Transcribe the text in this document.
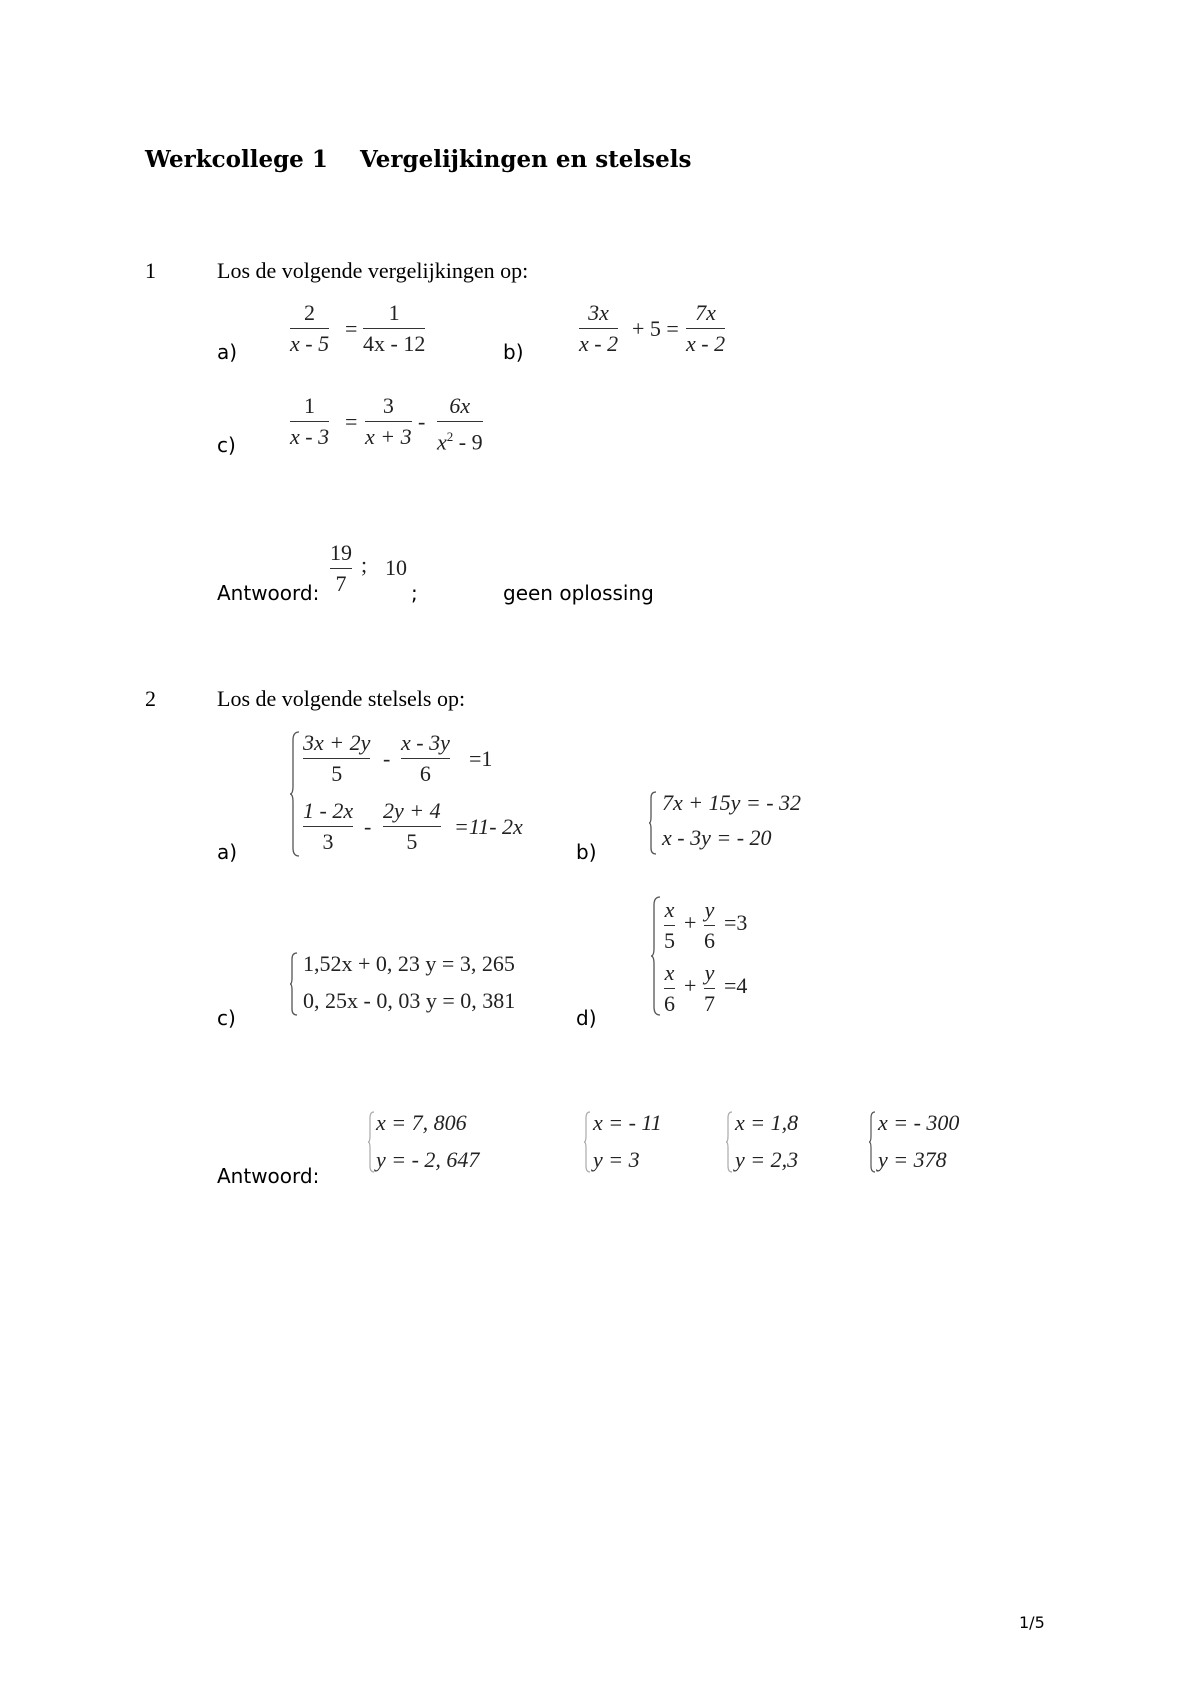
Werkcollege 1 Vergelijkingen en stelsels
1	Los de volgende vergelijkingen op:
a)
2
x - 5
=
1
4x - 12	b)
3x
x - 2
+ 5 =
7x
x - 2
c)
1
x - 3
=
3
x + 3
-
6x
$x^2 - 9$
Antwoord:
19
7
; 10
;	geen oplossing
2	Los de volgende stelsels op:
a)
3x + 2y
5
-
x - 3y
6
=1
1 - 2x
3
-
2y + 4
5
=11- 2x
b)
7x + 15y = - 32
x - 3y = - 20
c)
1,52x + 0, 23 y = 3, 265
0, 25x - 0, 03 y = 0, 381
d)
x
5
+
y
6
=3
x
6
+
y
7
=4
Antwoord:
x = 7, 806
y = - 2, 647
x = - 11
y = 3
x = 1,8
y = 2,3
x = - 300
y = 378
1/5
